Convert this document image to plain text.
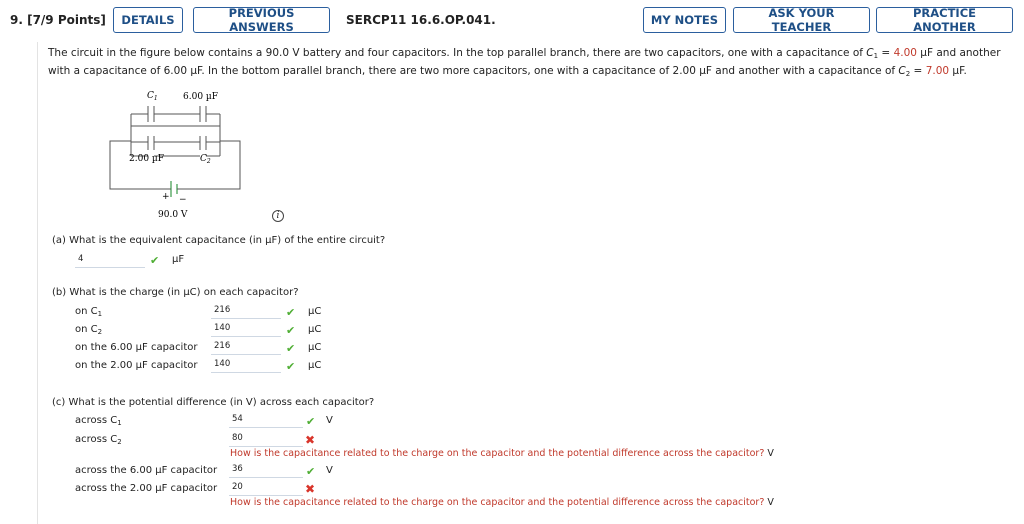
9. [7/9 Points]	DETAILS	PREVIOUS ANSWERS	SERCP11 16.6.OP.041.	MY NOTES	ASK YOUR TEACHER
PRACTICE ANOTHER
The circuit in the figure below contains a 90.0 V battery and four capacitors. In the top parallel branch, there are two capacitors, one with a capacitance of $C_1 = 4.00$ µF and another with a capacitance of 6.00 µF. In the bottom parallel branch, there are two more capacitors, one with a capacitance of 2.00 µF and another with a capacitance of $C_2 = 7.00$ µF.
$C_1$	6.00 µF
2.00 µF	$C_2$
+ −
90.0 V	i
(a) What is the equivalent capacitance (in µF) of the entire circuit?
4	✔ µF
(b) What is the charge (in µC) on each capacitor?
on $C_1$	216	✔ µC
on $C_2$	140	✔ µC
on the 6.00 µF capacitor	216	✔ µC
on the 2.00 µF capacitor	140	✔ µC
(c) What is the potential difference (in V) across each capacitor?
across $C_1$	54	✔ V
across $C_2$	80	✖
How is the capacitance related to the charge on the capacitor and the potential difference across the capacitor? V
across the 6.00 µF capacitor	36	✔ V
across the 2.00 µF capacitor	20	✖
How is the capacitance related to the charge on the capacitor and the potential difference across the capacitor? V
